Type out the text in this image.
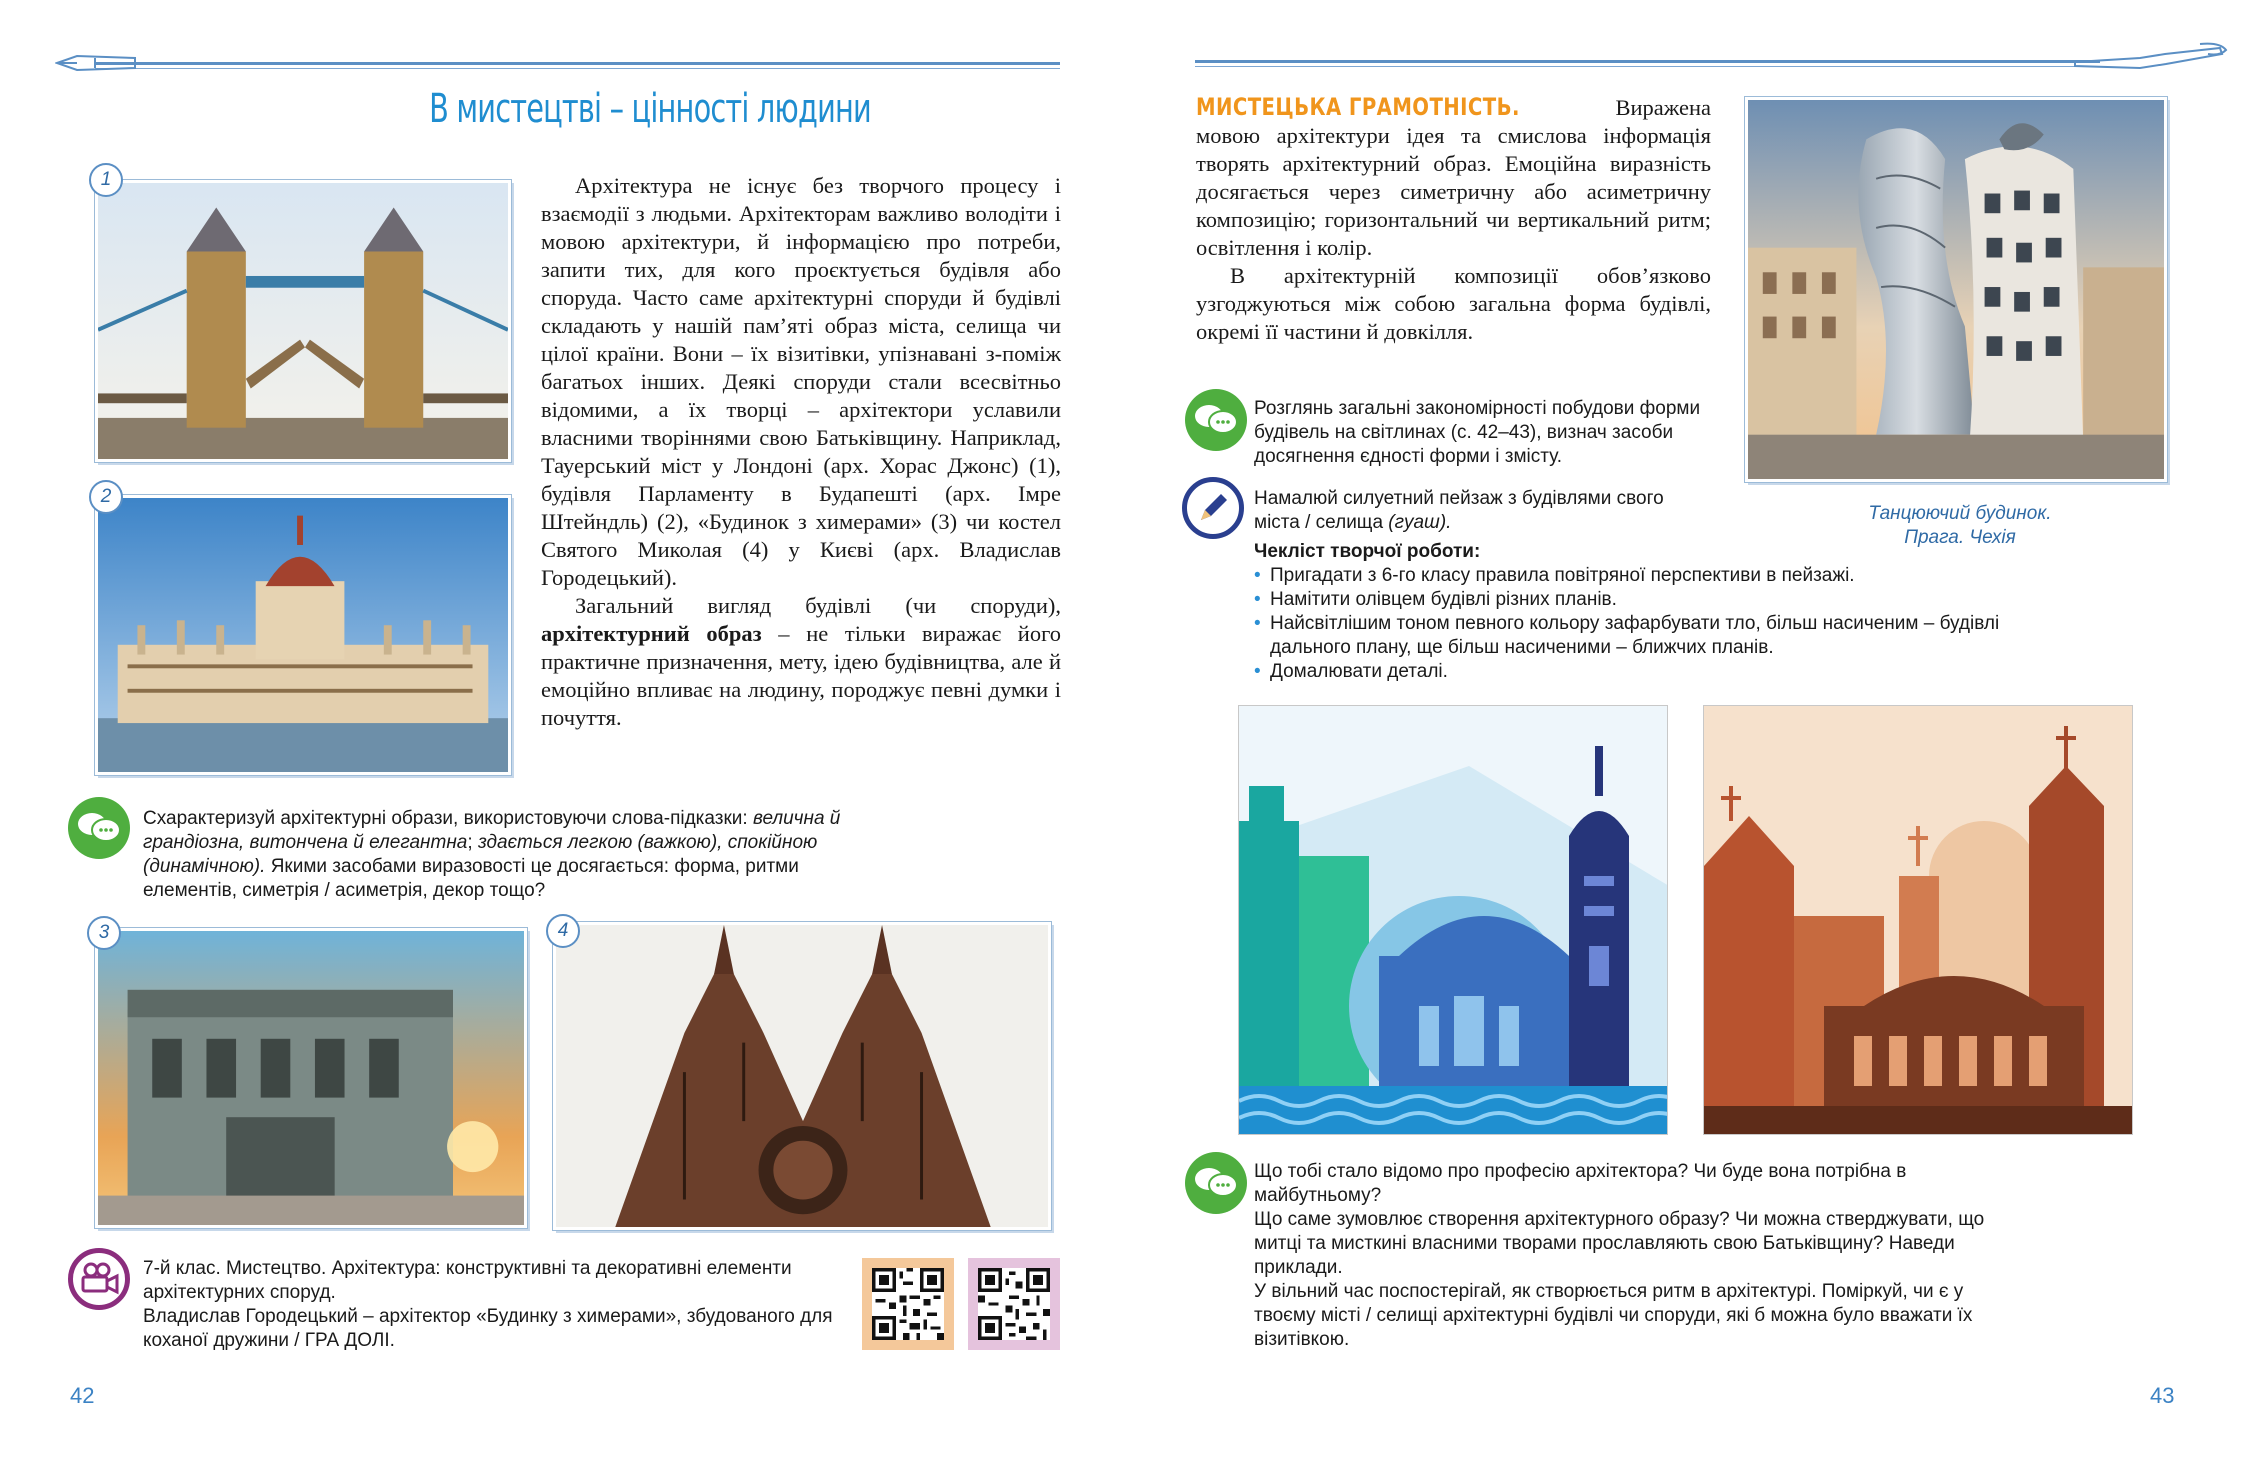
В мистецтві – цінності людини
1
2

Архітектура не існує без творчого процесу і взаємодії з людьми. Архітекторам важливо володіти і мовою архітектури, й інформацією про потреби, запити тих, для кого проєктується будівля або споруда. Часто саме архітектурні споруди й будівлі складають у нашій пам’яті образ міста, селища чи цілої країни. Вони – їх візитівки, упізнавані з-поміж багатьох інших. Деякі споруди стали всесвітньо відомими, а їх творці – архітектори уславили власними творіннями свою Батьківщину. Наприклад, Тауерський міст у Лондоні (арх. Хорас Джонс) (1), будівля Парламенту в Будапешті (арх. Імре Штейндль) (2), «Будинок з химерами» (3) чи костел Святого Миколая (4) у Києві (арх. Владислав Городецький).

Загальний вигляд будівлі (чи споруди), архітектурний образ – не тільки виражає його практичне призначення, мету, ідею будівництва, але й емоційно впливає на людину, породжує певні думки і почуття.

Схарактеризуй архітектурні образи, використовуючи слова-підказки: велична й грандіозна, витончена й елегантна; здається легкою (важкою), спокійною (динамічною). Якими засобами виразовості це досягається: форма, ритми елементів, симетрія / асиметрія, декор тощо?
3	4
7-й клас. Мистецтво. Архітектура: конструктивні та декоративні елементи архітектурних споруд.
Владислав Городецький – архітектор «Будинку з химерами», збудованого для коханої дружини / ГРА ДОЛІ.
42
МИСТЕЦЬКА ГРАМОТНІСТЬ. Виражена мовою архітектури ідея та смислова інформація творять архітектурний образ. Емоційна виразність досягається через симетричну або асиметричну композицію; горизонтальний чи вертикальний ритм; освітлення і колір.

В архітектурній композиції обов’язково узгоджуються між собою загальна форма будівлі, окремі її частини й довкілля.

Танцюючий будинок.
Прага. Чехія
Розглянь загальні закономірності побудови форми будівель на світлинах (с. 42–43), визнач засоби досягнення єдності форми і змісту.
Намалюй силуетний пейзаж з будівлями свого міста / селища (гуаш).
Чекліст творчої роботи:
• Пригадати з 6-го класу правила повітряної перспективи в пейзажі.
• Намітити олівцем будівлі різних планів.
• Найсвітлішим тоном певного кольору зафарбувати тло, більш насиченим – будівлі дального плану, ще більш насиченими – ближчих планів.
• Домалювати деталі.
Що тобі стало відомо про професію архітектора? Чи буде вона потрібна в майбутньому?
Що саме зумовлює створення архітектурного образу? Чи можна стверджувати, що митці та мисткині власними творами прославляють свою Батьківщину? Наведи приклади.
У вільний час поспостерігай, як створюється ритм в архітектурі. Поміркуй, чи є у твоєму місті / селищі архітектурні будівлі чи споруди, які б можна було вважати їх візитівкою.
43
